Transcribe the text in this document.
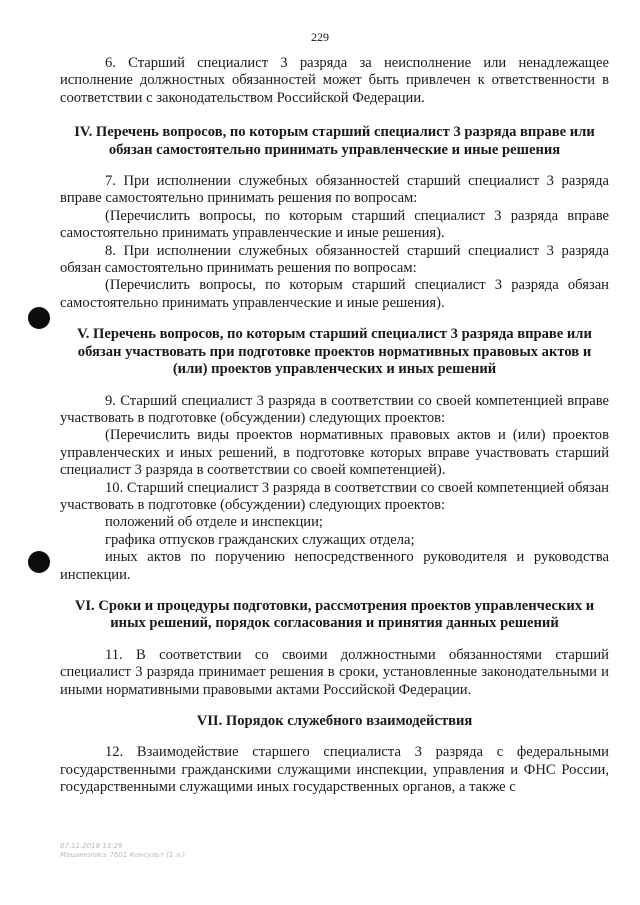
229

6. Старший специалист 3 разряда за неисполнение или ненадлежащее исполнение должностных обязанностей может быть привлечен к ответственности в соответствии с законодательством Российской Федерации.

IV. Перечень вопросов, по которым старший специалист 3 разряда вправе или обязан самостоятельно принимать управленческие и иные решения

7. При исполнении служебных обязанностей старший специалист 3 разряда вправе самостоятельно принимать решения по вопросам:

(Перечислить вопросы, по которым старший специалист 3 разряда вправе самостоятельно принимать управленческие и иные решения).

8. При исполнении служебных обязанностей старший специалист 3 разряда обязан самостоятельно принимать решения по вопросам:

(Перечислить вопросы, по которым старший специалист 3 разряда обязан самостоятельно принимать управленческие и иные решения).

V. Перечень вопросов, по которым старший специалист 3 разряда вправе или обязан участвовать при подготовке проектов нормативных правовых актов и (или) проектов управленческих и иных решений

9. Старший специалист 3 разряда в соответствии со своей компетенцией вправе участвовать в подготовке (обсуждении) следующих проектов:

(Перечислить виды проектов нормативных правовых актов и (или) проектов управленческих и иных решений, в подготовке которых вправе участвовать старший специалист 3 разряда в соответствии со своей компетенцией).

10. Старший специалист 3 разряда в соответствии со своей компетенцией обязан участвовать в подготовке (обсуждении) следующих проектов:

положений об отделе и инспекции;

графика отпусков гражданских служащих отдела;

иных актов по поручению непосредственного руководителя и руководства инспекции.

VI. Сроки и процедуры подготовки, рассмотрения проектов управленческих и иных решений, порядок согласования и принятия данных решений

11. В соответствии со своими должностными обязанностями старший специалист 3 разряда принимает решения в сроки, установленные законодательными и иными нормативными правовыми актами Российской Федерации.

VII. Порядок служебного взаимодействия

12. Взаимодействие старшего специалиста 3 разряда с федеральными государственными гражданскими служащими инспекции, управления и ФНС России, государственными служащими иных государственных органов, а также с

07.11.2018 13:29
Машинопись 7601 Консульт (1 л.)
